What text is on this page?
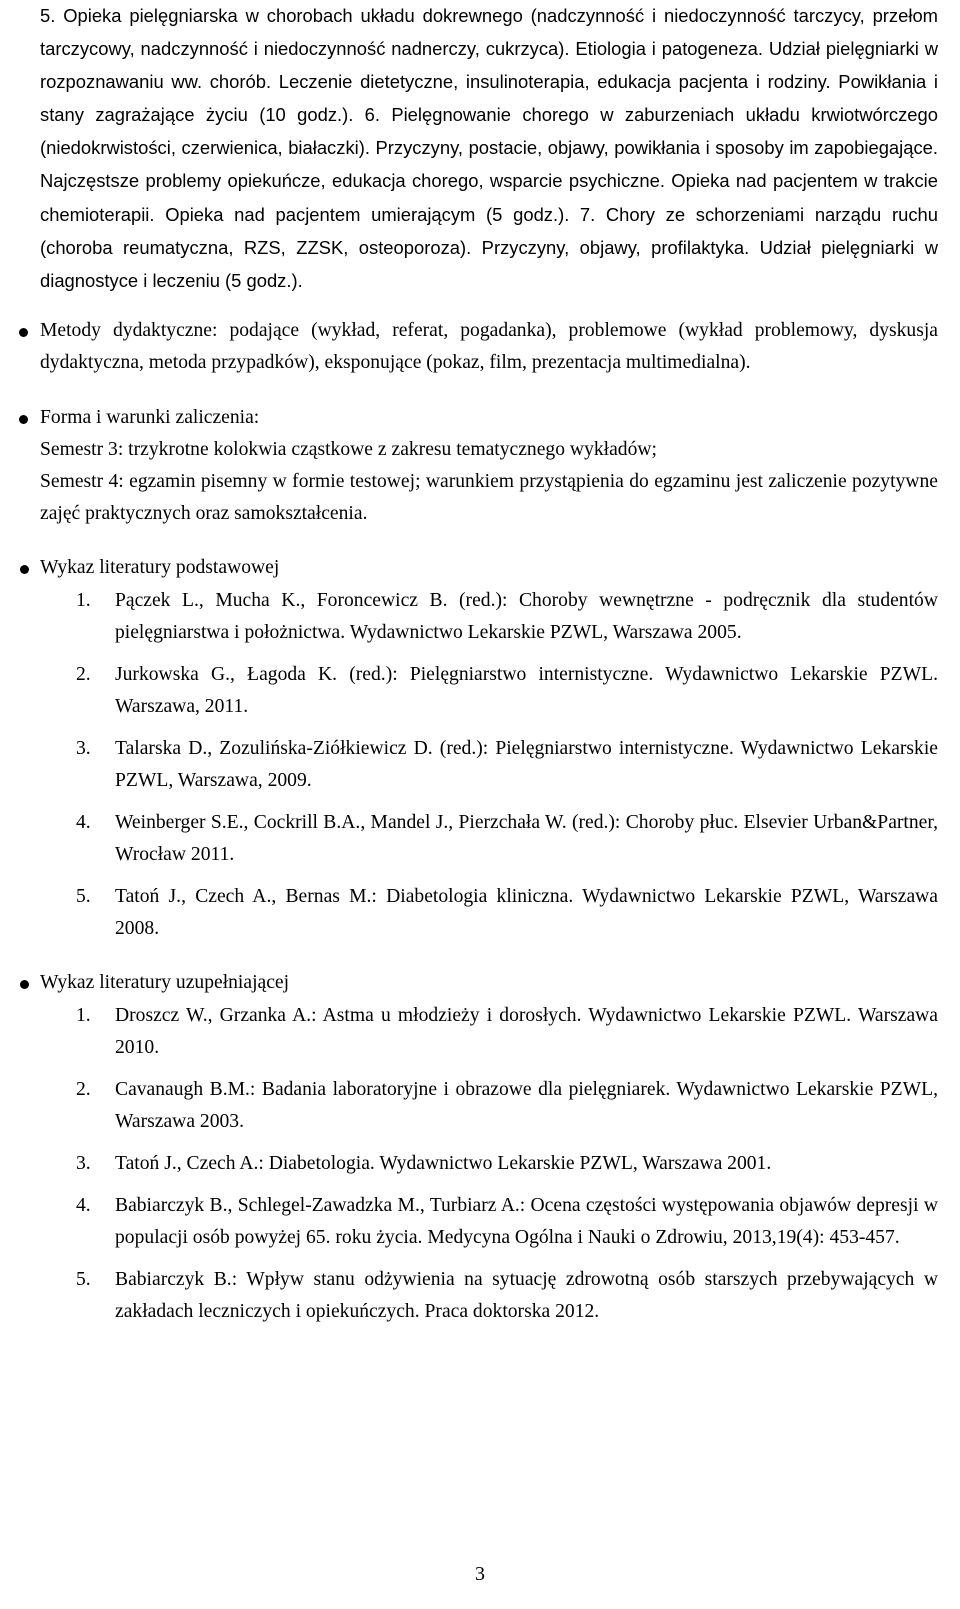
5. Opieka pielęgniarska w chorobach układu dokrewnego (nadczynność i niedoczynność tarczycy, przełom tarczycowy, nadczynność i niedoczynność nadnerczy, cukrzyca). Etiologia i patogeneza. Udział pielęgniarki w rozpoznawaniu ww. chorób. Leczenie dietetyczne, insulinoterapia, edukacja pacjenta i rodziny. Powikłania i stany zagrażające życiu (10 godz.). 6. Pielęgnowanie chorego w zaburzeniach układu krwiotwórczego (niedokrwistości, czerwienica, białaczki). Przyczyny, postacie, objawy, powikłania i sposoby im zapobiegające. Najczęstsze problemy opiekuńcze, edukacja chorego, wsparcie psychiczne. Opieka nad pacjentem w trakcie chemioterapii. Opieka nad pacjentem umierającym (5 godz.). 7. Chory ze schorzeniami narządu ruchu (choroba reumatyczna, RZS, ZZSK, osteoporoza). Przyczyny, objawy, profilaktyka. Udział pielęgniarki w diagnostyce i leczeniu (5 godz.).

Metody dydaktyczne: podające (wykład, referat, pogadanka), problemowe (wykład problemowy, dyskusja dydaktyczna, metoda przypadków), eksponujące (pokaz, film, prezentacja multimedialna).

Forma i warunki zaliczenia:

Semestr 3: trzykrotne kolokwia cząstkowe z zakresu tematycznego wykładów;

Semestr 4: egzamin pisemny w formie testowej; warunkiem przystąpienia do egzaminu jest zaliczenie pozytywne zajęć praktycznych oraz samokształcenia.

Wykaz literatury podstawowej

1. Pączek L., Mucha K., Foroncewicz B. (red.): Choroby wewnętrzne - podręcznik dla studentów pielęgniarstwa i położnictwa. Wydawnictwo Lekarskie PZWL, Warszawa 2005.
2. Jurkowska G., Łagoda K. (red.): Pielęgniarstwo internistyczne. Wydawnictwo Lekarskie PZWL. Warszawa, 2011.
3. Talarska D., Zozulińska-Ziółkiewicz D. (red.): Pielęgniarstwo internistyczne. Wydawnictwo Lekarskie PZWL, Warszawa, 2009.
4. Weinberger S.E., Cockrill B.A., Mandel J., Pierzchała W. (red.): Choroby płuc. Elsevier Urban&Partner, Wrocław 2011.
5. Tatoń J., Czech A., Bernas M.: Diabetologia kliniczna. Wydawnictwo Lekarskie PZWL, Warszawa 2008.

Wykaz literatury uzupełniającej

1. Droszcz W., Grzanka A.: Astma u młodzieży i dorosłych. Wydawnictwo Lekarskie PZWL. Warszawa 2010.
2. Cavanaugh B.M.: Badania laboratoryjne i obrazowe dla pielęgniarek. Wydawnictwo Lekarskie PZWL, Warszawa 2003.
3. Tatoń J., Czech A.: Diabetologia. Wydawnictwo Lekarskie PZWL, Warszawa 2001.
4. Babiarczyk B., Schlegel-Zawadzka M., Turbiarz A.: Ocena częstości występowania objawów depresji w populacji osób powyżej 65. roku życia. Medycyna Ogólna i Nauki o Zdrowiu, 2013,19(4): 453-457.
5. Babiarczyk B.: Wpływ stanu odżywienia na sytuację zdrowotną osób starszych przebywających w zakładach leczniczych i opiekuńczych. Praca doktorska 2012.
3
